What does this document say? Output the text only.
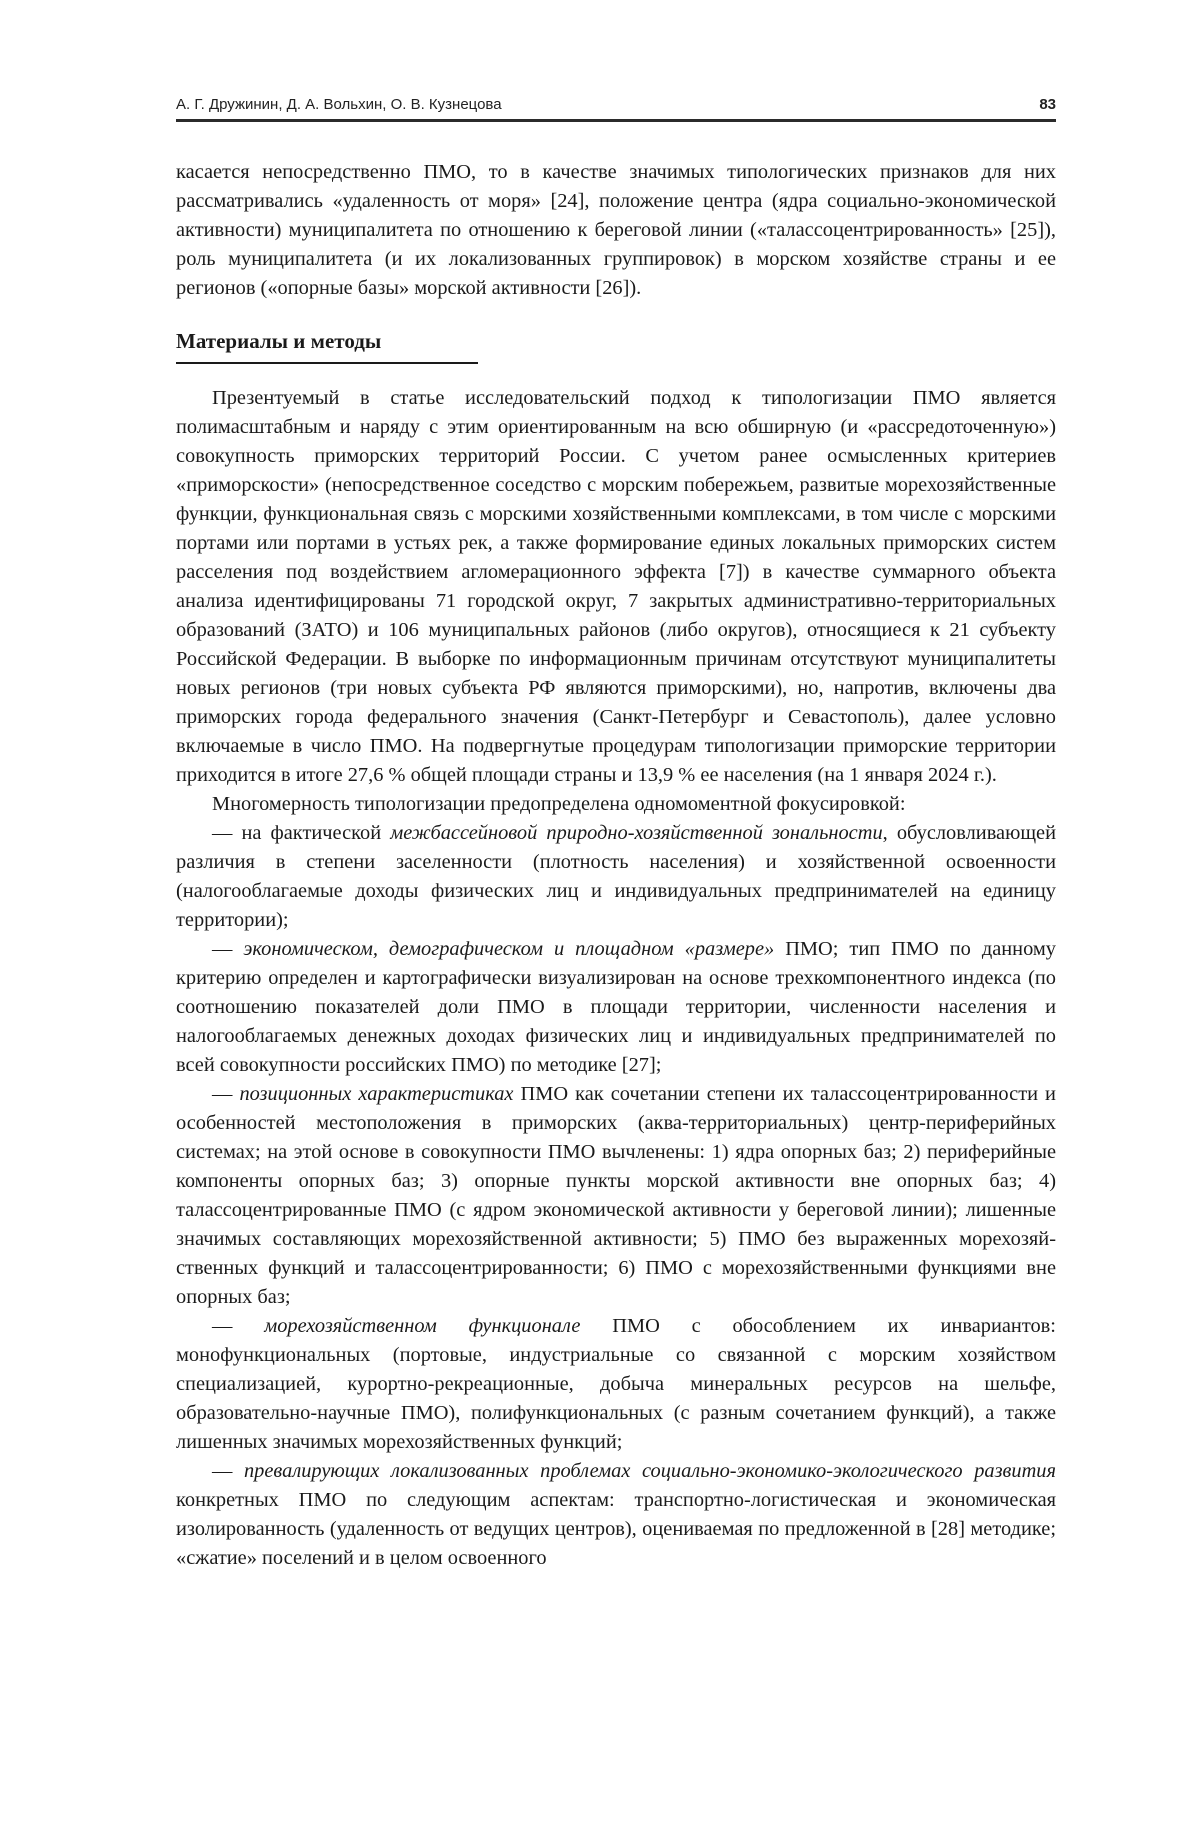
А. Г. Дружинин, Д. А. Вольхин, О. В. Кузнецова	83

касается непосредственно ПМО, то в качестве значимых типологических призна­ков для них рассматривались «удаленность от моря» [24], положение центра (ядра социально-экономической активности) муниципалитета по отношению к берего­вой линии («талассоцентрированность» [25]), роль муниципалитета (и их лока­лизованных группировок) в морском хозяйстве страны и ее регионов («опорные базы» морской активности [26]).

Материалы и методы

Презентуемый в статье исследовательский подход к типологизации ПМО являет­ся полимасштабным и наряду с этим ориентированным на всю обширную (и «рас­средоточенную») совокупность приморских территорий России. С учетом ранее осмысленных критериев «приморскости» (непосредственное соседство с морским побережьем, развитые морехозяйственные функции, функциональная связь с мор­скими хозяйственными комплексами, в том числе с морскими портами или портами в устьях рек, а также формирование единых локальных приморских систем рассе­ления под воздействием агломерационного эффекта [7]) в качестве суммарного объекта анализа идентифицированы 71 городской округ, 7 закрытых административно-тер­риториальных образований (ЗАТО) и 106 муниципальных районов (либо округов), относящиеся к 21 субъекту Российской Федерации. В выборке по информационным причинам отсутствуют муниципалитеты новых регионов (три новых субъекта РФ яв­ляются приморскими), но, напротив, включены два приморских города федерального значения (Санкт-Петербург и Севастополь), далее условно включаемые в число ПМО. На подвергнутые процедурам типологизации приморские территории приходится в итоге 27,6 % общей площади страны и 13,9 % ее населения (на 1 января 2024 г.).

Многомерность типологизации предопределена одномоментной фокусировкой:

— на фактической межбассейновой природно-хозяйственной зональности, об­условливающей различия в степени заселенности (плотность населения) и хозяй­ственной освоенности (налогооблагаемые доходы физических лиц и индивидуаль­ных предпринимателей на единицу территории);

— экономическом, демографическом и площадном «размере» ПМО; тип ПМО по данному критерию определен и картографически визуализирован на основе трехкомпонентного индекса (по соотношению показателей доли ПМО в площади территории, численности населения и налогооблагаемых денежных доходах физи­ческих лиц и индивидуальных предпринимателей по всей совокупности россий­ских ПМО) по методике [27];

— позиционных характеристиках ПМО как сочетании степени их талассоцен­трированности и особенностей местоположения в приморских (аква-территориаль­ных) центр-периферийных системах; на этой основе в совокупности ПМО вычле­нены: 1) ядра опорных баз; 2) периферийные компоненты опорных баз; 3) опорные пункты морской активности вне опорных баз; 4) талассоцентрированные ПМО (с ядром экономической активности у береговой линии); лишенные значимых со­ставляющих морехозяйственной активности; 5) ПМО без выраженных морехозяй­ственных функций и талассоцентрированности; 6) ПМО с морехозяйственными функциями вне опорных баз;

— морехозяйственном функционале ПМО с обособлением их инвариантов: монофункциональных (портовые, индустриальные со связанной с морским хозяй­ством специализацией, курортно-рекреационные, добыча минеральных ресурсов на шельфе, образовательно-научные ПМО), полифункциональных (с разным соче­танием функций), а также лишенных значимых морехозяйственных функций;

— превалирующих локализованных проблемах социально-экономико-экологиче­ского развития конкретных ПМО по следующим аспектам: транспортно-логистиче­ская и экономическая изолированность (удаленность от ведущих центров), оценива­емая по предложенной в [28] методике; «сжатие» поселений и в целом освоенного
